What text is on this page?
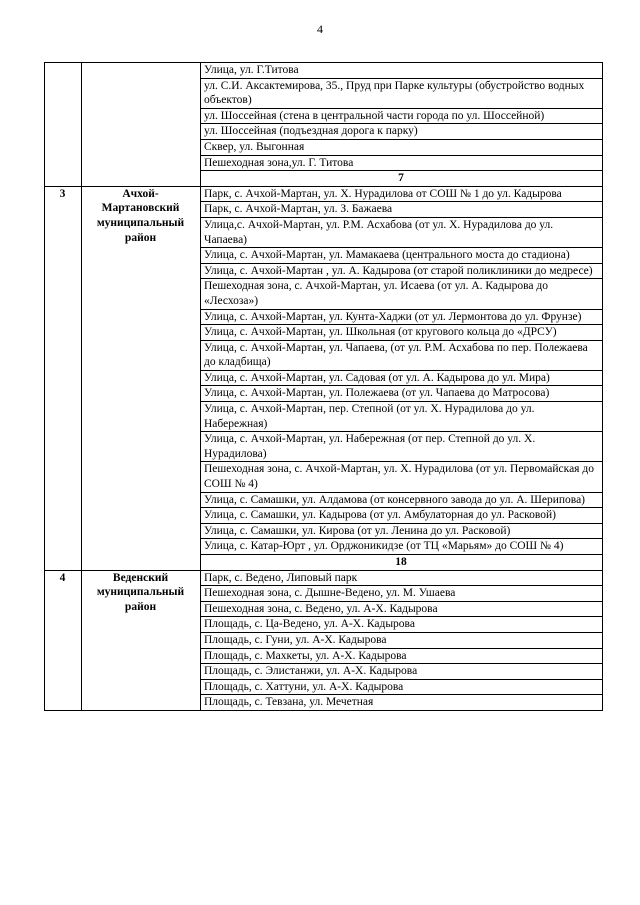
4
		Улица, ул. Г.Титова
		ул. С.И. Аксактемирова, 35., Пруд при Парке культуры (обустройство водных объектов)
		ул. Шоссейная (стена в центральной части города по ул. Шоссейной)
		ул. Шоссейная (подъездная дорога к парку)
		Сквер, ул. Выгонная
		Пешеходная зона,ул. Г. Титова
		7
3	Ачхой-Мартановский муниципальный район	Парк, с. Ачхой-Мартан, ул. Х. Нурадилова от СОШ № 1 до ул. Кадырова
		Парк, с. Ачхой-Мартан, ул. З. Бажаева
		Улица,с. Ачхой-Мартан, ул. Р.М. Асхабова (от ул. Х. Нурадилова до ул. Чапаева)
		Улица, с. Ачхой-Мартан, ул. Мамакаева (центрального моста до стадиона)
		Улица, с. Ачхой-Мартан , ул. А. Кадырова (от старой поликлиники до медресе)
		Пешеходная зона, с. Ачхой-Мартан, ул. Исаева (от ул. А. Кадырова до «Лесхоза»)
		Улица, с. Ачхой-Мартан, ул. Кунта-Хаджи (от ул. Лермонтова до ул. Фрунзе)
		Улица, с. Ачхой-Мартан, ул. Школьная (от кругового кольца до «ДРСУ)
		Улица, с. Ачхой-Мартан, ул. Чапаева, (от ул. Р.М. Асхабова по пер. Полежаева до кладбища)
		Улица, с. Ачхой-Мартан, ул. Садовая (от ул. А. Кадырова до ул. Мира)
		Улица, с. Ачхой-Мартан, ул. Полежаева (от ул. Чапаева до Матросова)
		Улица, с. Ачхой-Мартан, пер. Степной (от ул. Х. Нурадилова до ул. Набережная)
		Улица, с. Ачхой-Мартан, ул. Набережная (от пер. Степной до ул. Х. Нурадилова)
		Пешеходная зона, с. Ачхой-Мартан, ул. Х. Нурадилова (от ул. Первомайская до СОШ № 4)
		Улица, с. Самашки, ул. Алдамова (от консервного завода до ул. А. Шерипова)
		Улица, с. Самашки, ул. Кадырова (от ул. Амбулаторная до ул. Расковой)
		Улица, с. Самашки, ул. Кирова (от ул. Ленина до ул. Расковой)
		Улица, с. Катар-Юрт , ул. Орджоникидзе (от ТЦ «Марьям» до СОШ № 4)
		18
4	Веденский муниципальный район	Парк, с. Ведено, Липовый парк
		Пешеходная зона, с. Дышне-Ведено, ул. М. Ушаева
		Пешеходная зона, с. Ведено, ул. А-Х. Кадырова
		Площадь, с. Ца-Ведено, ул. А-Х. Кадырова
		Площадь, с. Гуни, ул. А-Х. Кадырова
		Площадь, с. Махкеты, ул. А-Х. Кадырова
		Площадь, с. Элистанжи, ул. А-Х. Кадырова
		Площадь, с. Хаттуни, ул. А-Х. Кадырова
		Площадь, с. Тевзана, ул. Мечетная
